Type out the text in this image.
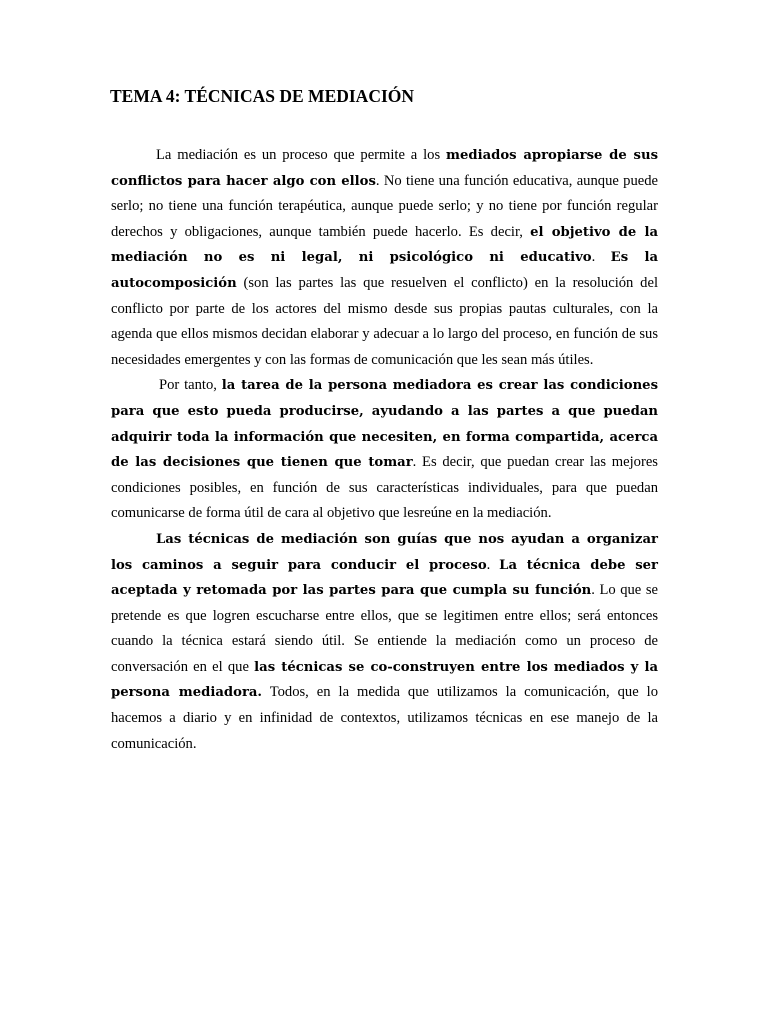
TEMA 4: TÉCNICAS DE MEDIACIÓN

La mediación es un proceso que permite a los mediados apropiarse de sus conflictos para hacer algo con ellos. No tiene una función educativa, aunque puede serlo; no tiene una función terapéutica, aunque puede serlo; y no tiene por función regular derechos y obligaciones, aunque también puede hacerlo. Es decir, el objetivo de la mediación no es ni legal, ni psicológico ni educativo. Es la autocomposición (son las partes las que resuelven el conflicto) en la resolución del conflicto por parte de los actores del mismo desde sus propias pautas culturales, con la agenda que ellos mismos decidan elaborar y adecuar a lo largo del proceso, en función de sus necesidades emergentes y con las formas de comunicación que les sean más útiles.

Por tanto, la tarea de la persona mediadora es crear las condiciones para que esto pueda producirse, ayudando a las partes a que puedan adquirir toda la información que necesiten, en forma compartida, acerca de las decisiones que tienen que tomar. Es decir, que puedan crear las mejores condiciones posibles, en función de sus características individuales, para que puedan comunicarse de forma útil de cara al objetivo que lesreúne en la mediación.

Las técnicas de mediación son guías que nos ayudan a organizar los caminos a seguir para conducir el proceso. La técnica debe ser aceptada y retomada por las partes para que cumpla su función. Lo que se pretende es que logren escucharse entre ellos, que se legitimen entre ellos; será entonces cuando la técnica estará siendo útil. Se entiende la mediación como un proceso de conversación en el que las técnicas se co-construyen entre los mediados y la persona mediadora. Todos, en la medida que utilizamos la comunicación, que lo hacemos a diario y en infinidad de contextos, utilizamos técnicas en ese manejo de la comunicación.
